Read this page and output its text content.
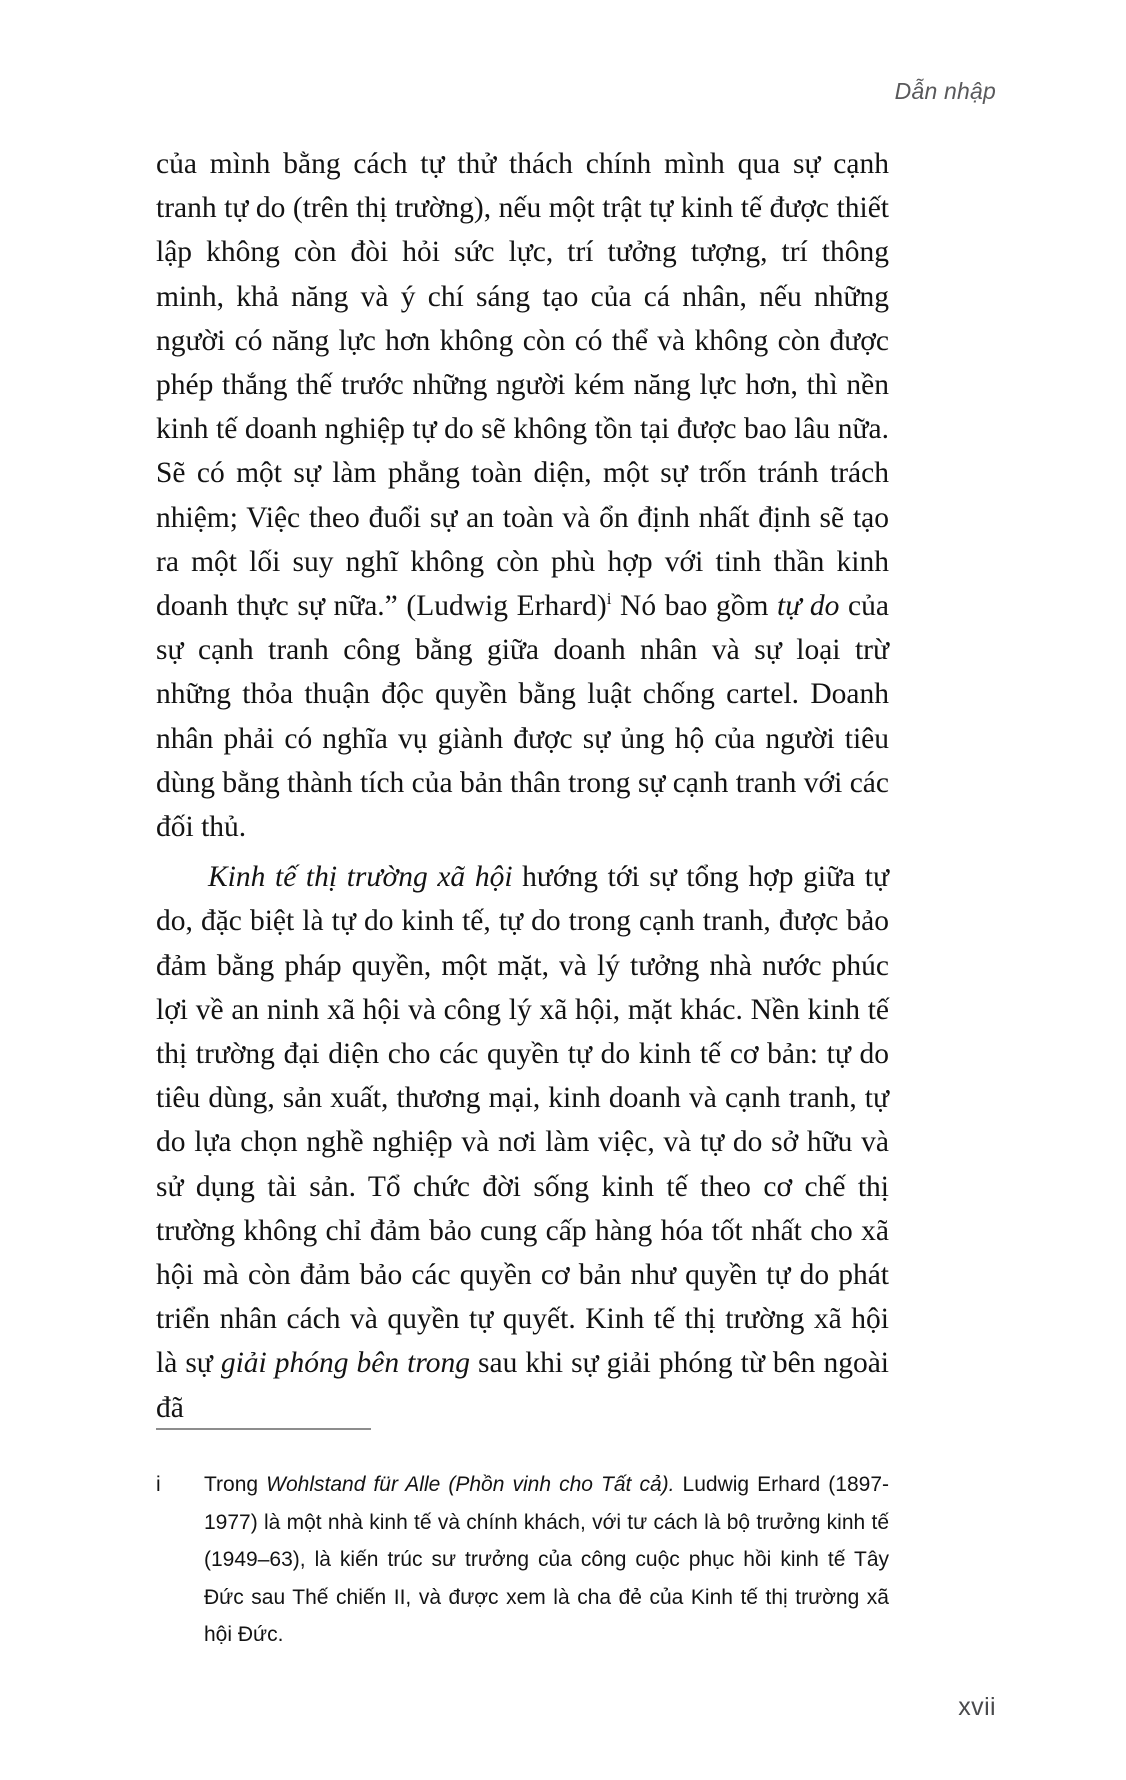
Dẫn nhập

của mình bằng cách tự thử thách chính mình qua sự cạnh tranh tự do (trên thị trường), nếu một trật tự kinh tế được thiết lập không còn đòi hỏi sức lực, trí tưởng tượng, trí thông minh, khả năng và ý chí sáng tạo của cá nhân, nếu những người có năng lực hơn không còn có thể và không còn được phép thắng thế trước những người kém năng lực hơn, thì nền kinh tế doanh nghiệp tự do sẽ không tồn tại được bao lâu nữa. Sẽ có một sự làm phẳng toàn diện, một sự trốn tránh trách nhiệm; Việc theo đuổi sự an toàn và ổn định nhất định sẽ tạo ra một lối suy nghĩ không còn phù hợp với tinh thần kinh doanh thực sự nữa.” (Ludwig Erhard)$^i$ Nó bao gồm tự do của sự cạnh tranh công bằng giữa doanh nhân và sự loại trừ những thỏa thuận độc quyền bằng luật chống cartel. Doanh nhân phải có nghĩa vụ giành được sự ủng hộ của người tiêu dùng bằng thành tích của bản thân trong sự cạnh tranh với các đối thủ.

Kinh tế thị trường xã hội hướng tới sự tổng hợp giữa tự do, đặc biệt là tự do kinh tế, tự do trong cạnh tranh, được bảo đảm bằng pháp quyền, một mặt, và lý tưởng nhà nước phúc lợi về an ninh xã hội và công lý xã hội, mặt khác. Nền kinh tế thị trường đại diện cho các quyền tự do kinh tế cơ bản: tự do tiêu dùng, sản xuất, thương mại, kinh doanh và cạnh tranh, tự do lựa chọn nghề nghiệp và nơi làm việc, và tự do sở hữu và sử dụng tài sản. Tổ chức đời sống kinh tế theo cơ chế thị trường không chỉ đảm bảo cung cấp hàng hóa tốt nhất cho xã hội mà còn đảm bảo các quyền cơ bản như quyền tự do phát triển nhân cách và quyền tự quyết. Kinh tế thị trường xã hội là sự giải phóng bên trong sau khi sự giải phóng từ bên ngoài đã

i	Trong Wohlstand für Alle (Phồn vinh cho Tất cả). Ludwig Erhard (1897-1977) là một nhà kinh tế và chính khách, với tư cách là bộ trưởng kinh tế (1949–63), là kiến trúc sư trưởng của công cuộc phục hồi kinh tế Tây Đức sau Thế chiến II, và được xem là cha đẻ của Kinh tế thị trường xã hội Đức.
xvii
